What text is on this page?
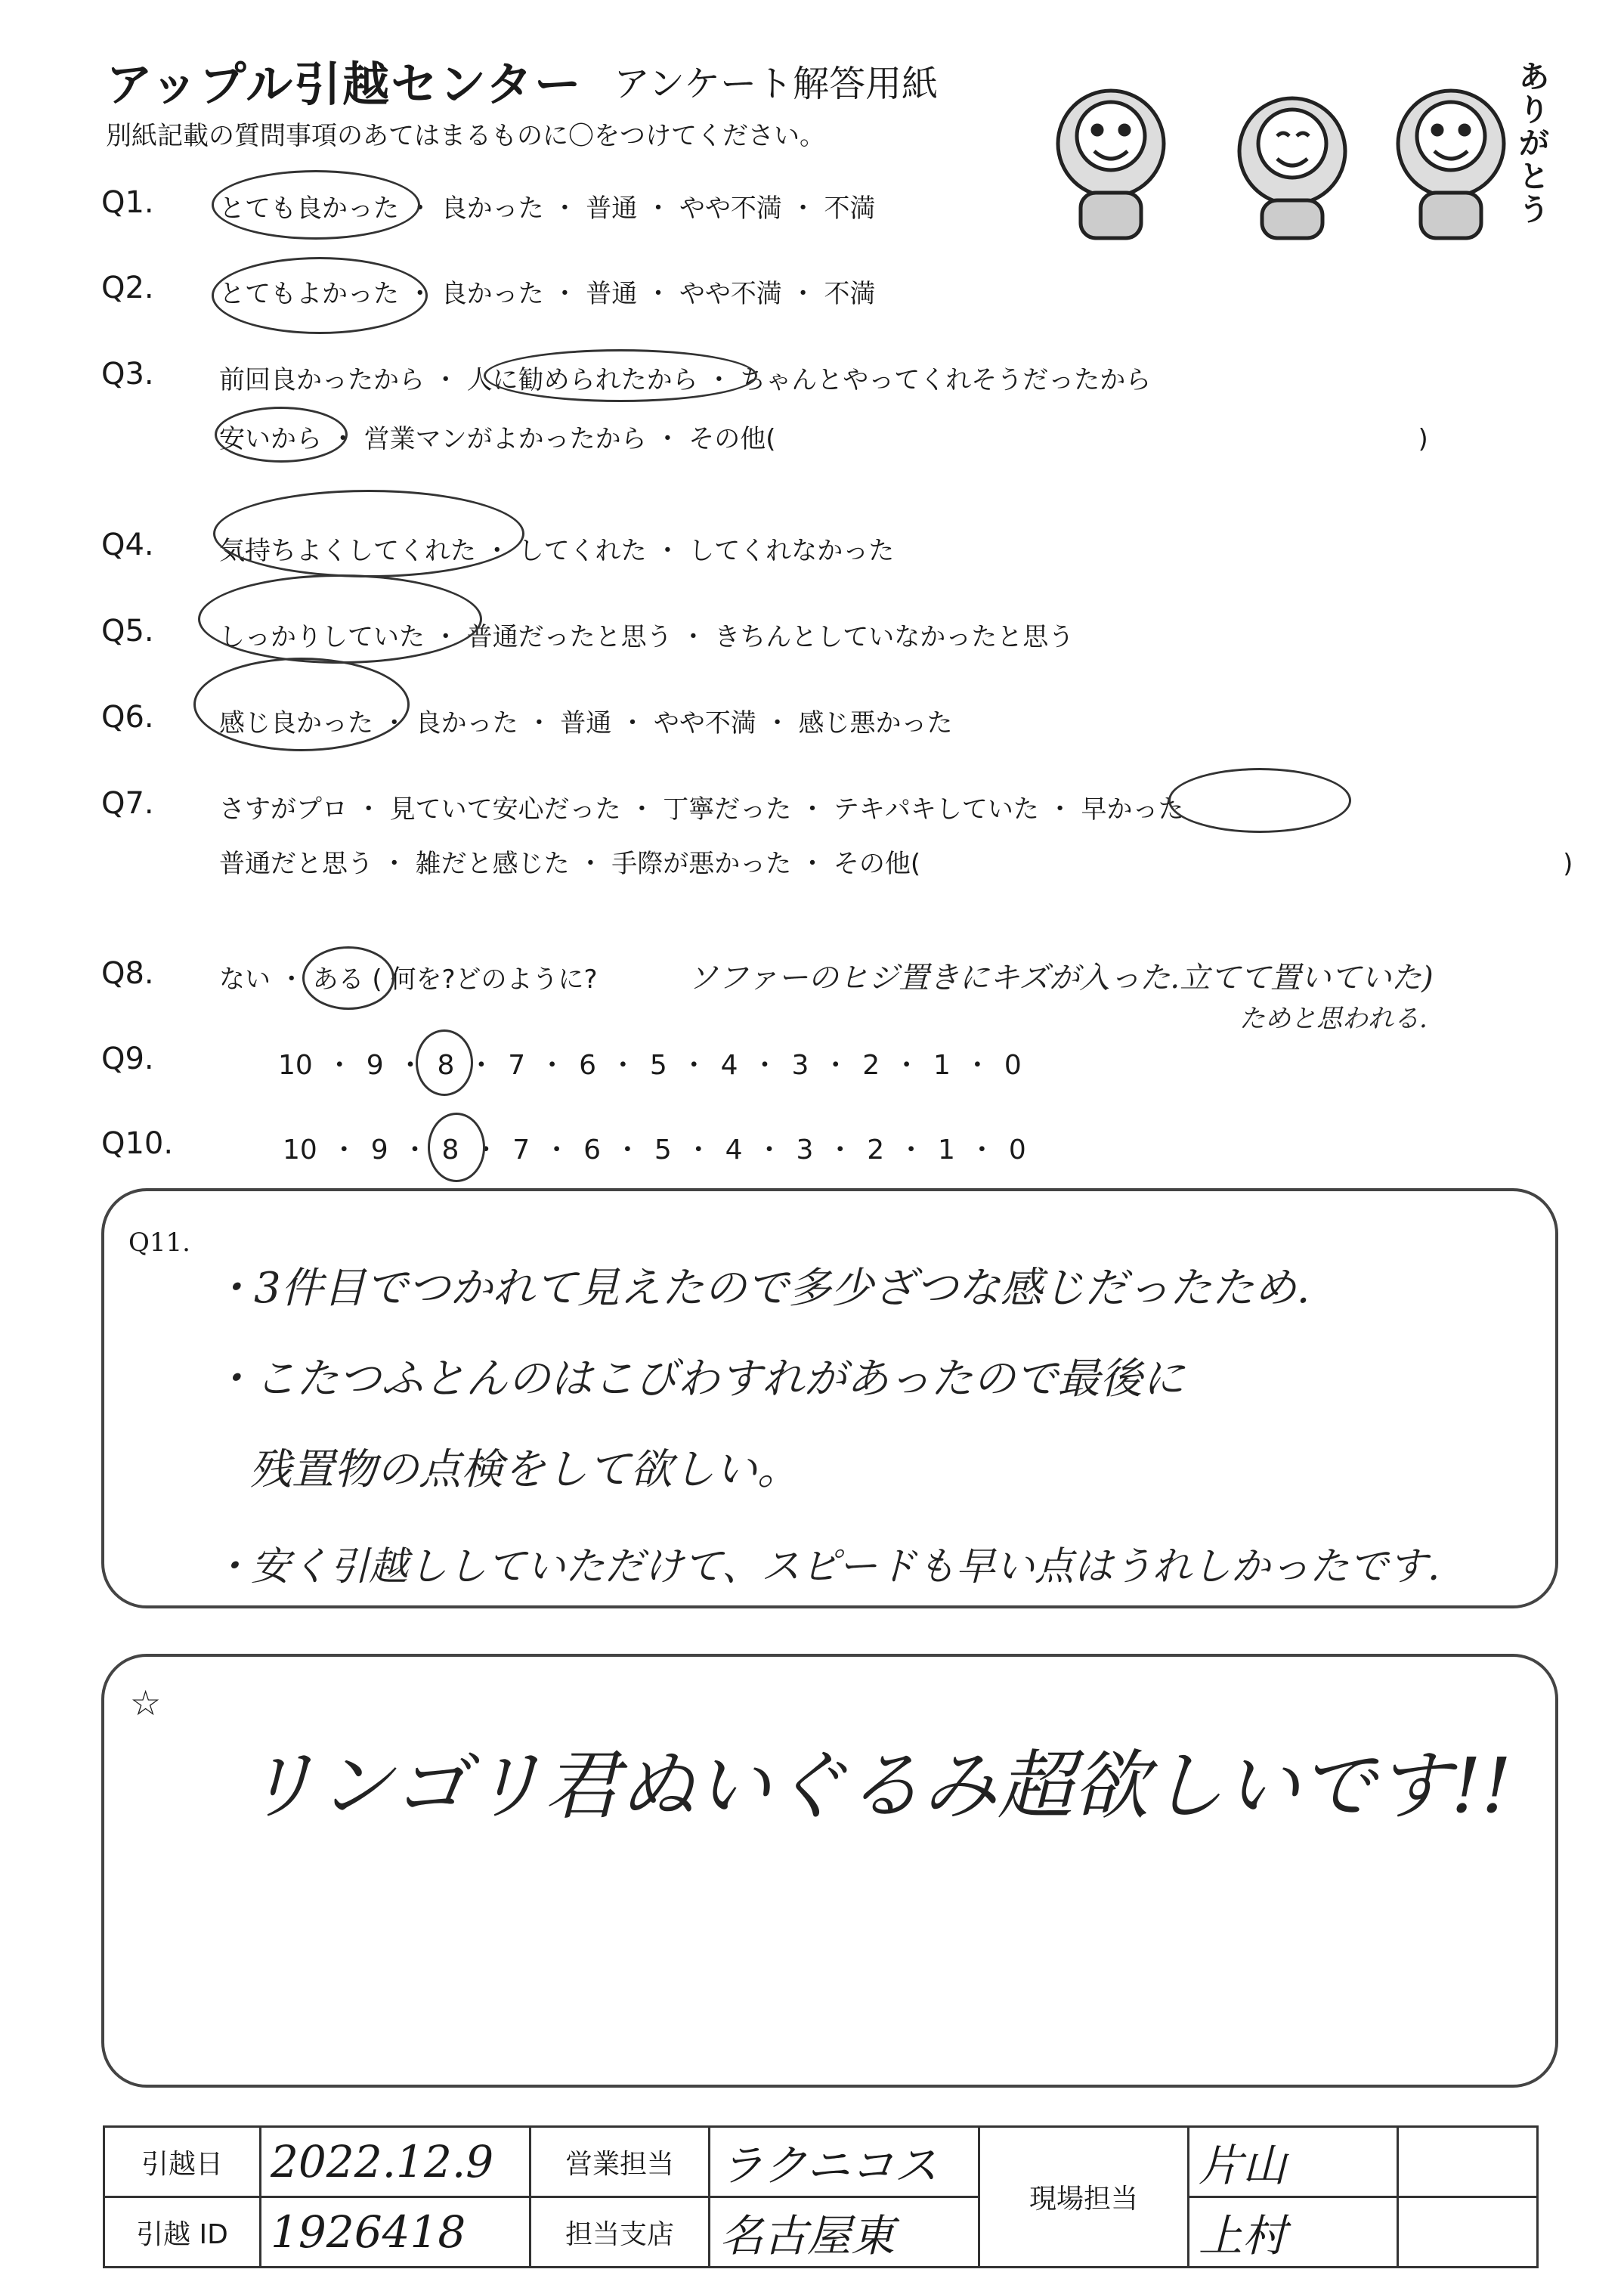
アップル引越センター アンケート解答用紙
別紙記載の質問事項のあてはまるものに〇をつけてください。
ありがとう
Q1.	とても良かった ・ 良かった ・ 普通 ・ やや不満 ・ 不満
Q2.	とてもよかった ・ 良かった ・ 普通 ・ やや不満 ・ 不満
Q3.	前回良かったから ・ 人に勧められたから ・ ちゃんとやってくれそうだったから
安いから ・ 営業マンがよかったから ・ その他(　　　　　　　　　　　　　　　　　　　　　　　　　)
Q4.	気持ちよくしてくれた ・ してくれた ・ してくれなかった
Q5.	しっかりしていた ・ 普通だったと思う ・ きちんとしていなかったと思う
Q6.	感じ良かった ・ 良かった ・ 普通 ・ やや不満 ・ 感じ悪かった
Q7.	さすがプロ ・ 見ていて安心だった ・ 丁寧だった ・ テキパキしていた ・ 早かった
普通だと思う ・ 雑だと感じた ・ 手際が悪かった ・ その他(　　　　　　　　　　　　　　　　　　　　　　　　　)
Q8.	ない ・ ある ( 何を?どのように?	ソファーのヒジ置きにキズが入った.立てて置いていた)
ためと思われる.
Q9.	10 ・ 9 ・ 8 ・ 7 ・ 6 ・ 5 ・ 4 ・ 3 ・ 2 ・ 1 ・ 0
Q10.	10 ・ 9 ・ 8 ・ 7 ・ 6 ・ 5 ・ 4 ・ 3 ・ 2 ・ 1 ・ 0
Q11.
・3件目でつかれて見えたので多少ざつな感じだったため.
・こたつふとんのはこびわすれがあったので最後に
残置物の点検をして欲しい。
・安く引越ししていただけて、スピードも早い点はうれしかったです.
☆
リンゴリ君ぬいぐるみ超欲しいです!!
引越日	2022.12.9	営業担当	ラクニコス	現場担当	片山	
引越 ID	1926418	担当支店	名古屋東		上村	
